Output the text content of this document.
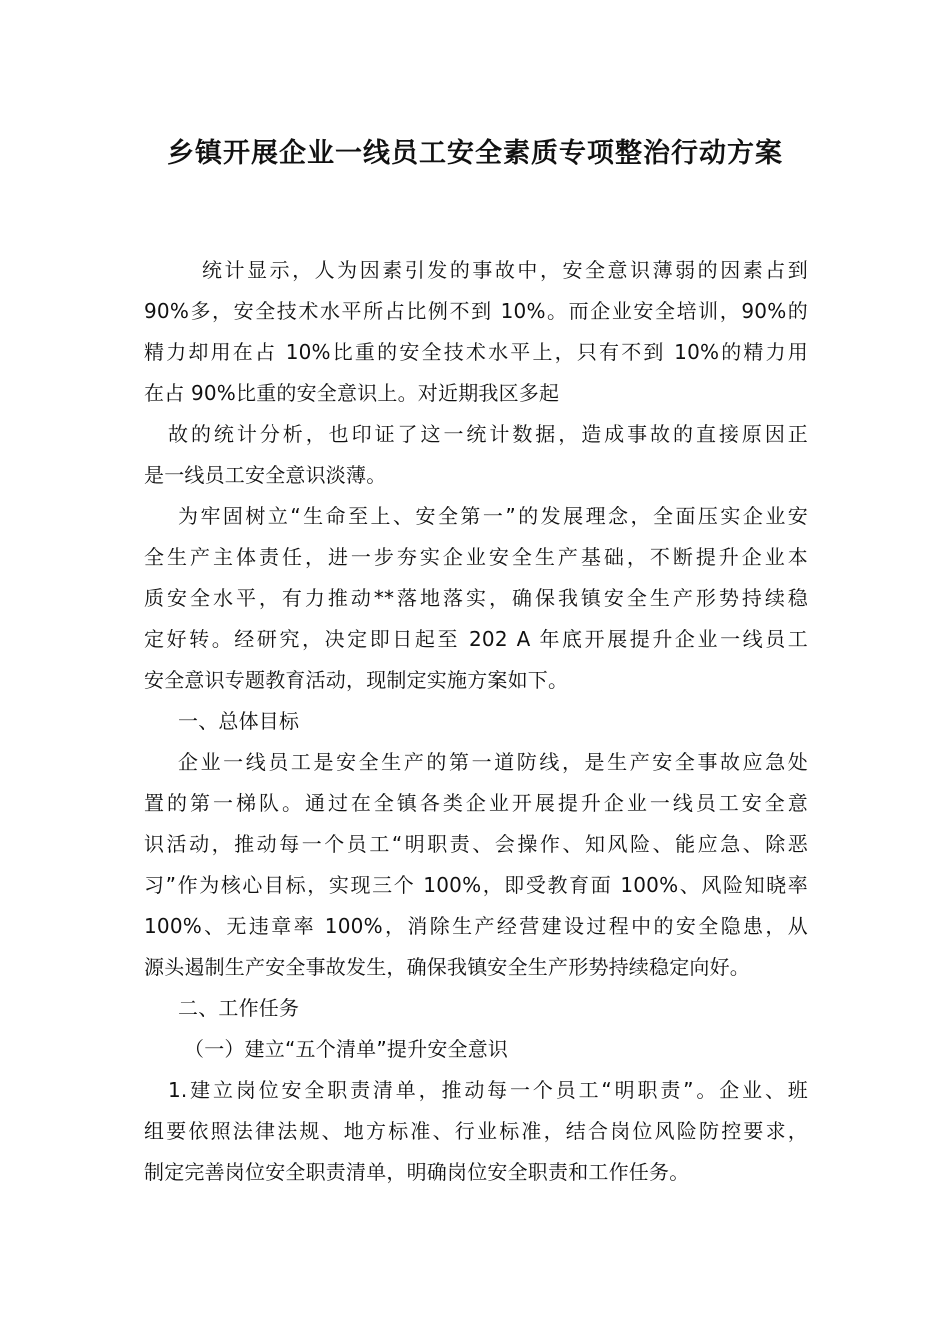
乡镇开展企业一线员工安全素质专项整治行动方案
统计显示，人为因素引发的事故中，安全意识薄弱的因素占到
90%多，安全技术水平所占比例不到 10%。而企业安全培训，90%的
精力却用在占 10%比重的安全技术水平上，只有不到 10%的精力用
在占 90%比重的安全意识上。对近期我区多起
故的统计分析，也印证了这一统计数据，造成事故的直接原因正
是一线员工安全意识淡薄。
为牢固树立“生命至上、安全第一”的发展理念，全面压实企业安
全生产主体责任，进一步夯实企业安全生产基础，不断提升企业本
质安全水平，有力推动**落地落实，确保我镇安全生产形势持续稳
定好转。经研究，决定即日起至 202 A 年底开展提升企业一线员工
安全意识专题教育活动，现制定实施方案如下。
一、总体目标
企业一线员工是安全生产的第一道防线，是生产安全事故应急处
置的第一梯队。通过在全镇各类企业开展提升企业一线员工安全意
识活动，推动每一个员工“明职责、会操作、知风险、能应急、除恶
习”作为核心目标，实现三个 100%，即受教育面 100%、风险知晓率
100%、无违章率 100%，消除生产经营建设过程中的安全隐患，从
源头遏制生产安全事故发生，确保我镇安全生产形势持续稳定向好。
二、工作任务
（一）建立“五个清单”提升安全意识
1.建立岗位安全职责清单，推动每一个员工“明职责”。企业、班
组要依照法律法规、地方标准、行业标准，结合岗位风险防控要求，
制定完善岗位安全职责清单，明确岗位安全职责和工作任务。
